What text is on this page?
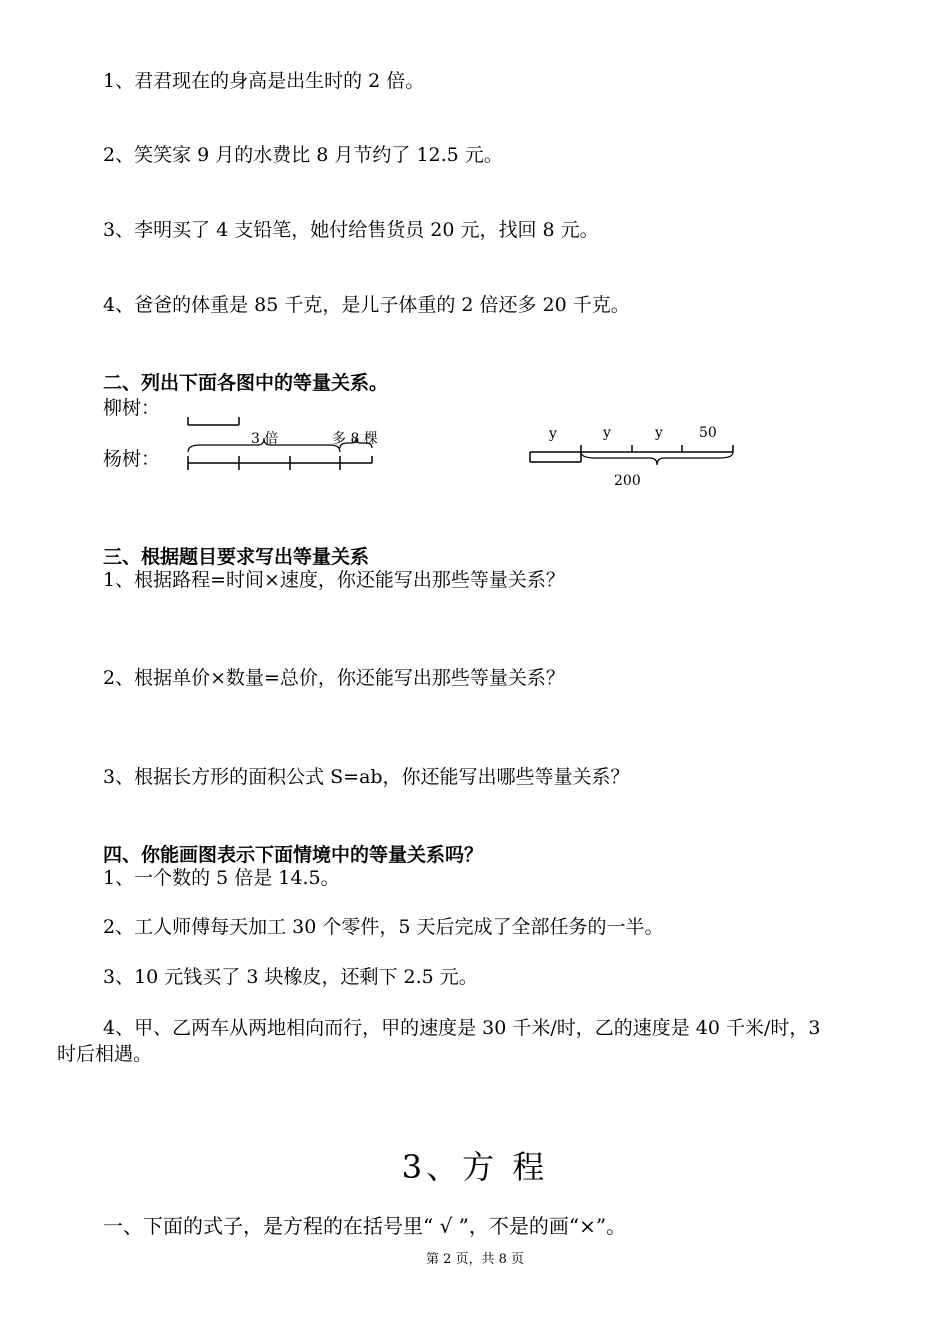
1、君君现在的身高是出生时的 2 倍。
2、笑笑家 9 月的水费比 8 月节约了 12.5 元。
3、李明买了 4 支铅笔，她付给售货员 20 元，找回 8 元。
4、爸爸的体重是 85 千克，是儿子体重的 2 倍还多 20 千克。
二、列出下面各图中的等量关系。
柳树：
杨树：
3 倍	多 8 棵	y	y	y	50
200
三、根据题目要求写出等量关系
1、根据路程=时间×速度，你还能写出那些等量关系？
2、根据单价×数量=总价，你还能写出那些等量关系？
3、根据长方形的面积公式 S=ab，你还能写出哪些等量关系？
四、你能画图表示下面情境中的等量关系吗？
1、一个数的 5 倍是 14.5。
2、工人师傅每天加工 30 个零件，5 天后完成了全部任务的一半。
3、10 元钱买了 3 块橡皮，还剩下 2.5 元。
4、甲、乙两车从两地相向而行，甲的速度是 30 千米/时，乙的速度是 40 千米/时，3
时后相遇。
3、方 程
一、下面的式子，是方程的在括号里“ √ ”，不是的画“×”。
第 2 页，共 8 页
